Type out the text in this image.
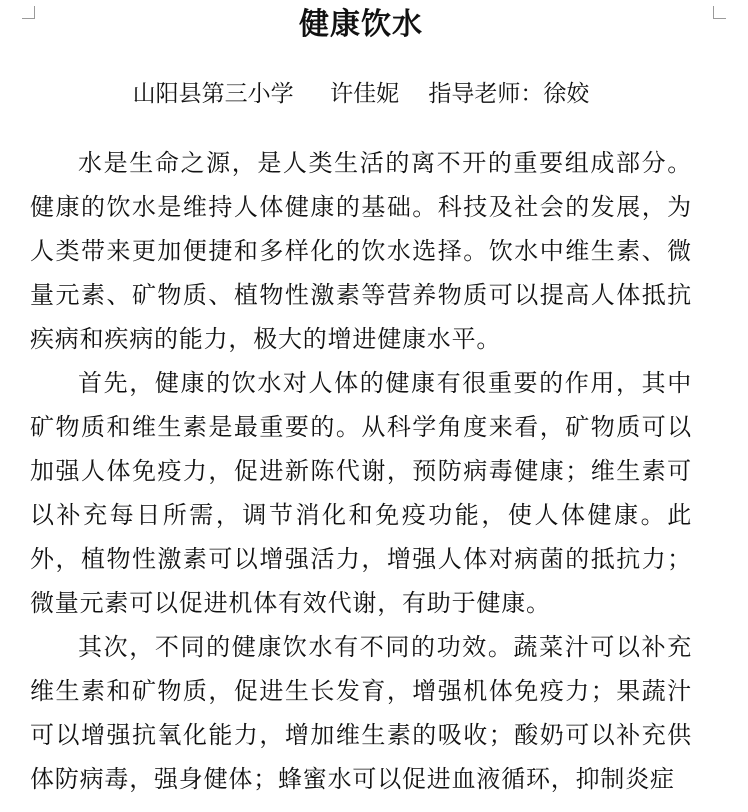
健康饮水
山阳县第三小学     许佳妮    指导老师：徐姣

水是生命之源，是人类生活的离不开的重要组成部分。健康的饮水是维持人体健康的基础。科技及社会的发展，为人类带来更加便捷和多样化的饮水选择。饮水中维生素、微量元素、矿物质、植物性激素等营养物质可以提高人体抵抗疾病和疾病的能力，极大的增进健康水平。

首先，健康的饮水对人体的健康有很重要的作用，其中矿物质和维生素是最重要的。从科学角度来看，矿物质可以加强人体免疫力，促进新陈代谢，预防病毒健康；维生素可以补充每日所需，调节消化和免疫功能，使人体健康。此外，植物性激素可以增强活力，增强人体对病菌的抵抗力；微量元素可以促进机体有效代谢，有助于健康。

其次，不同的健康饮水有不同的功效。蔬菜汁可以补充维生素和矿物质，促进生长发育，增强机体免疫力；果蔬汁可以增强抗氧化能力，增加维生素的吸收；酸奶可以补充供体防病毒，强身健体；蜂蜜水可以促进血液循环，抑制炎症
